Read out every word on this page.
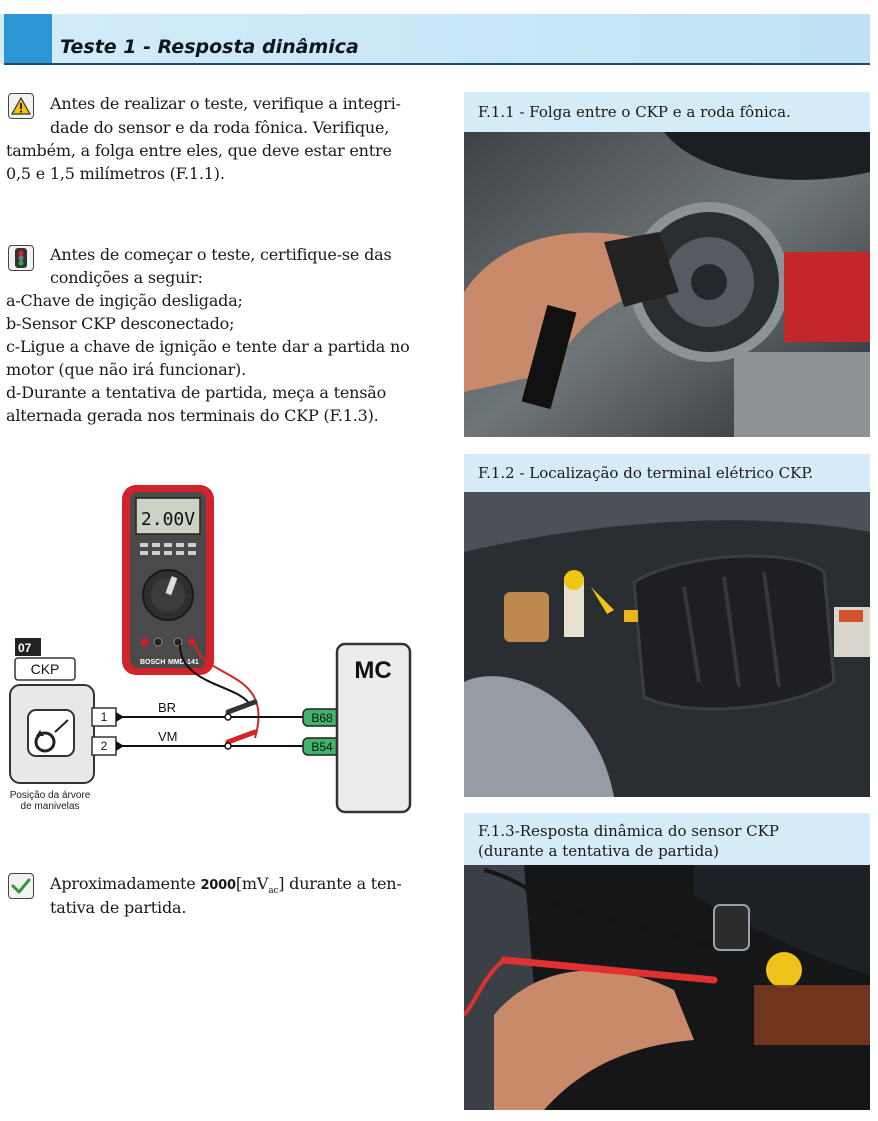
Teste 1 - Resposta dinâmica
Antes de realizar o teste, verifique a integri-
dade do sensor e da roda fônica. Verifique,
também, a folga entre eles, que deve estar entre
0,5 e 1,5 milímetros (F.1.1).
Antes de começar o teste, certifique-se das
condições a seguir:
a-Chave de ingição desligada;
b-Sensor CKP desconectado;
c-Ligue a chave de ignição e tente dar a partida no
motor (que não irá funcionar).
d-Durante a tentativa de partida, meça a tensão
alternada gerada nos terminais do CKP (F.1.3).
2.00V
BOSCH MMD-141
07
CKP
1
2
Posição da árvore
de manivelas
BR
VM
B68
B54
MC
Aproximadamente $2000[mV_{ac}]$ durante a ten-
tativa de partida.
F.1.1 - Folga entre o CKP e a roda fônica.
F.1.2 - Localização do terminal elétrico CKP.
F.1.3-Resposta dinâmica do sensor CKP
(durante a tentativa de partida)
